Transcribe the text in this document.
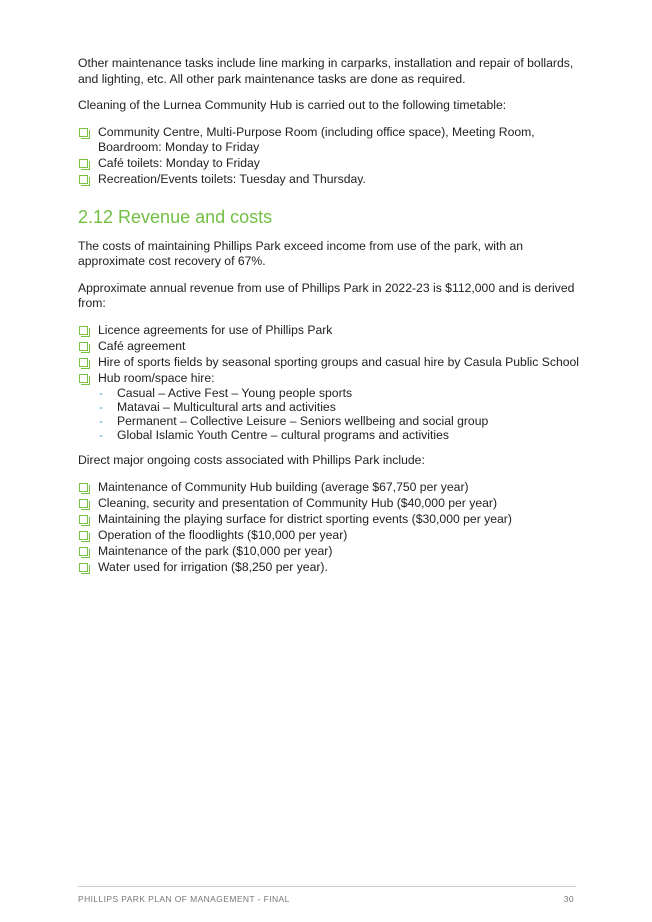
Other maintenance tasks include line marking in carparks, installation and repair of bollards, and lighting, etc. All other park maintenance tasks are done as required.

Cleaning of the Lurnea Community Hub is carried out to the following timetable:

Community Centre, Multi-Purpose Room (including office space), Meeting Room, Boardroom: Monday to Friday
Café toilets: Monday to Friday
Recreation/Events toilets: Tuesday and Thursday.
2.12 Revenue and costs

The costs of maintaining Phillips Park exceed income from use of the park, with an approximate cost recovery of 67%.

Approximate annual revenue from use of Phillips Park in 2022-23 is $112,000 and is derived from:

Licence agreements for use of Phillips Park
Café agreement
Hire of sports fields by seasonal sporting groups and casual hire by Casula Public School
Hub room/space hire:
- Casual – Active Fest – Young people sports
- Matavai – Multicultural arts and activities
- Permanent – Collective Leisure – Seniors wellbeing and social group
- Global Islamic Youth Centre – cultural programs and activities

Direct major ongoing costs associated with Phillips Park include:

Maintenance of Community Hub building (average $67,750 per year)
Cleaning, security and presentation of Community Hub ($40,000 per year)
Maintaining the playing surface for district sporting events ($30,000 per year)
Operation of the floodlights ($10,000 per year)
Maintenance of the park ($10,000 per year)
Water used for irrigation ($8,250 per year).
PHILLIPS PARK PLAN OF MANAGEMENT - FINAL	30
